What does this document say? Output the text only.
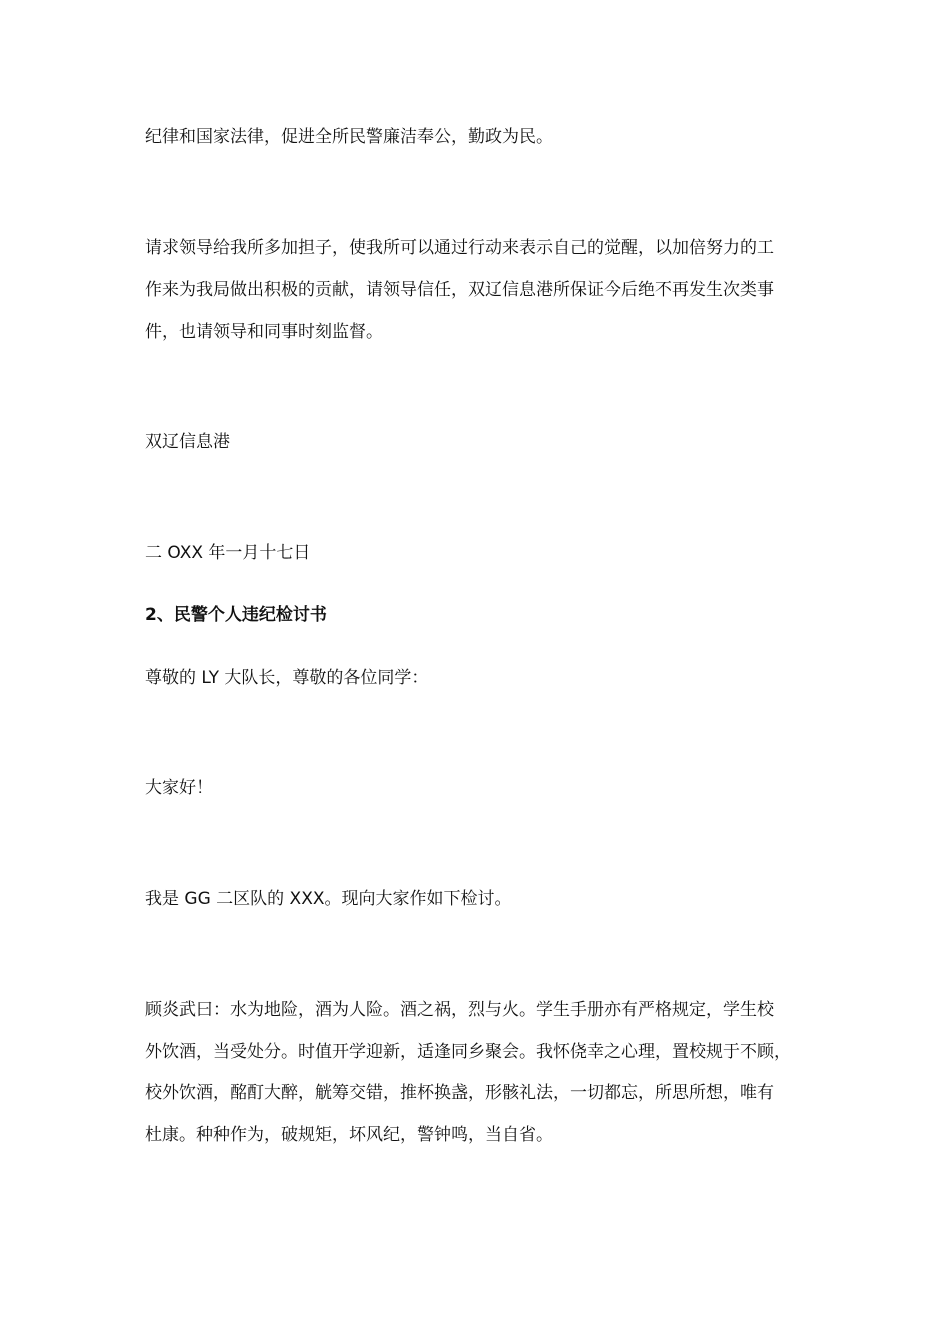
纪律和国家法律，促进全所民警廉洁奉公，勤政为民。

请求领导给我所多加担子，使我所可以通过行动来表示自己的觉醒，以加倍努力的工

作来为我局做出积极的贡献，请领导信任，双辽信息港所保证今后绝不再发生次类事

件，也请领导和同事时刻监督。

双辽信息港

二 OXX 年一月十七日

2、民警个人违纪检讨书

尊敬的 LY 大队长，尊敬的各位同学：

大家好！

我是 GG 二区队的 XXX。现向大家作如下检讨。

顾炎武曰：水为地险，酒为人险。酒之祸，烈与火。学生手册亦有严格规定，学生校

外饮酒，当受处分。时值开学迎新，适逢同乡聚会。我怀侥幸之心理，置校规于不顾，

校外饮酒，酩酊大醉，觥筹交错，推杯换盏，形骸礼法，一切都忘，所思所想，唯有

杜康。种种作为，破规矩，坏风纪，警钟鸣，当自省。
